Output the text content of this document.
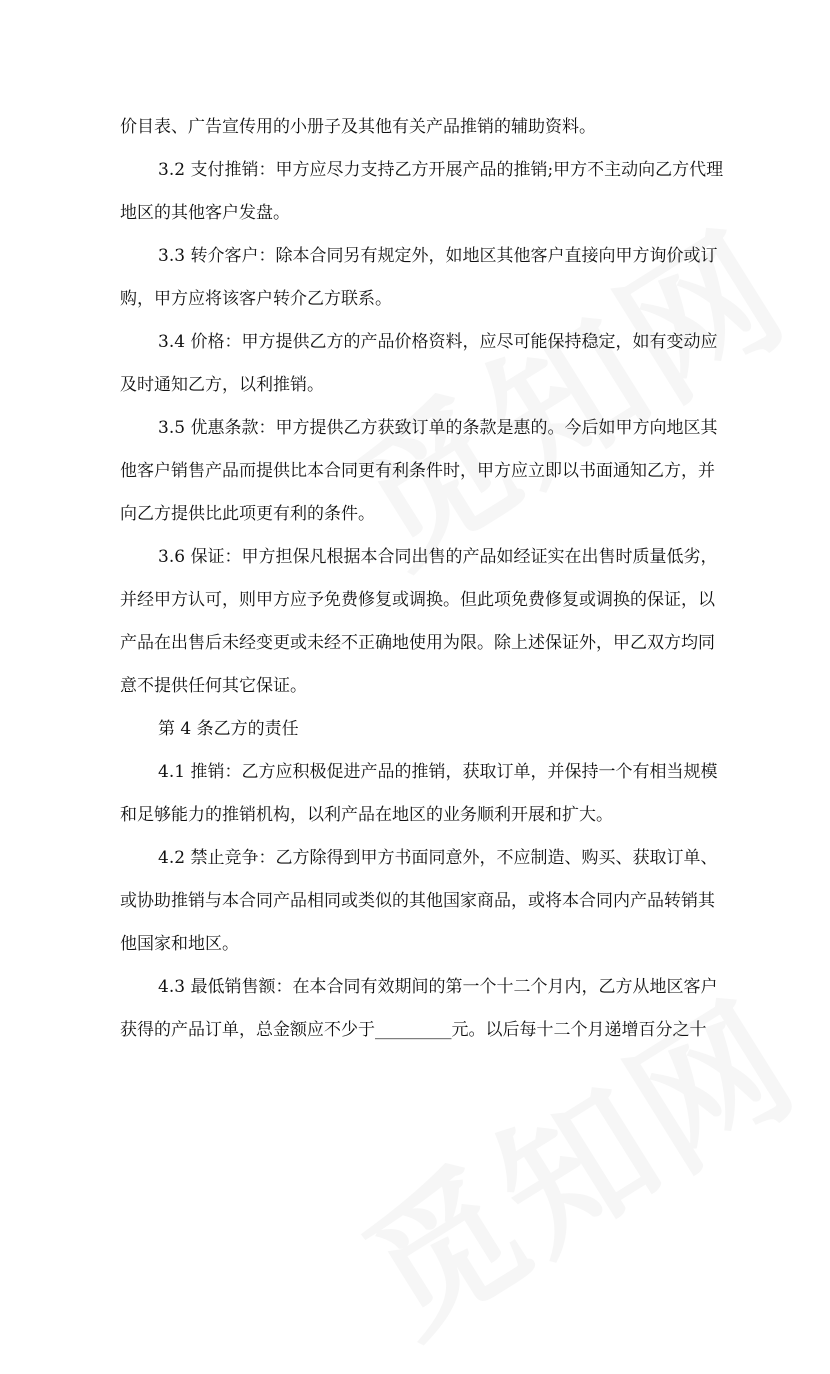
价目表、广告宣传用的小册子及其他有关产品推销的辅助资料。

3.2 支付推销：甲方应尽力支持乙方开展产品的推销;甲方不主动向乙方代理

地区的其他客户发盘。

3.3 转介客户：除本合同另有规定外，如地区其他客户直接向甲方询价或订

购，甲方应将该客户转介乙方联系。

3.4 价格：甲方提供乙方的产品价格资料，应尽可能保持稳定，如有变动应

及时通知乙方，以利推销。

3.5 优惠条款：甲方提供乙方获致订单的条款是惠的。今后如甲方向地区其

他客户销售产品而提供比本合同更有利条件时，甲方应立即以书面通知乙方，并

向乙方提供比此项更有利的条件。

3.6 保证：甲方担保凡根据本合同出售的产品如经证实在出售时质量低劣，

并经甲方认可，则甲方应予免费修复或调换。但此项免费修复或调换的保证，以

产品在出售后未经变更或未经不正确地使用为限。除上述保证外，甲乙双方均同

意不提供任何其它保证。

第 4 条乙方的责任

4.1 推销：乙方应积极促进产品的推销，获取订单，并保持一个有相当规模

和足够能力的推销机构，以利产品在地区的业务顺利开展和扩大。

4.2 禁止竞争：乙方除得到甲方书面同意外，不应制造、购买、获取订单、

或协助推销与本合同产品相同或类似的其他国家商品，或将本合同内产品转销其

他国家和地区。

4.3 最低销售额：在本合同有效期间的第一个十二个月内，乙方从地区客户

获得的产品订单，总金额应不少于_________元。以后每十二个月递增百分之十
